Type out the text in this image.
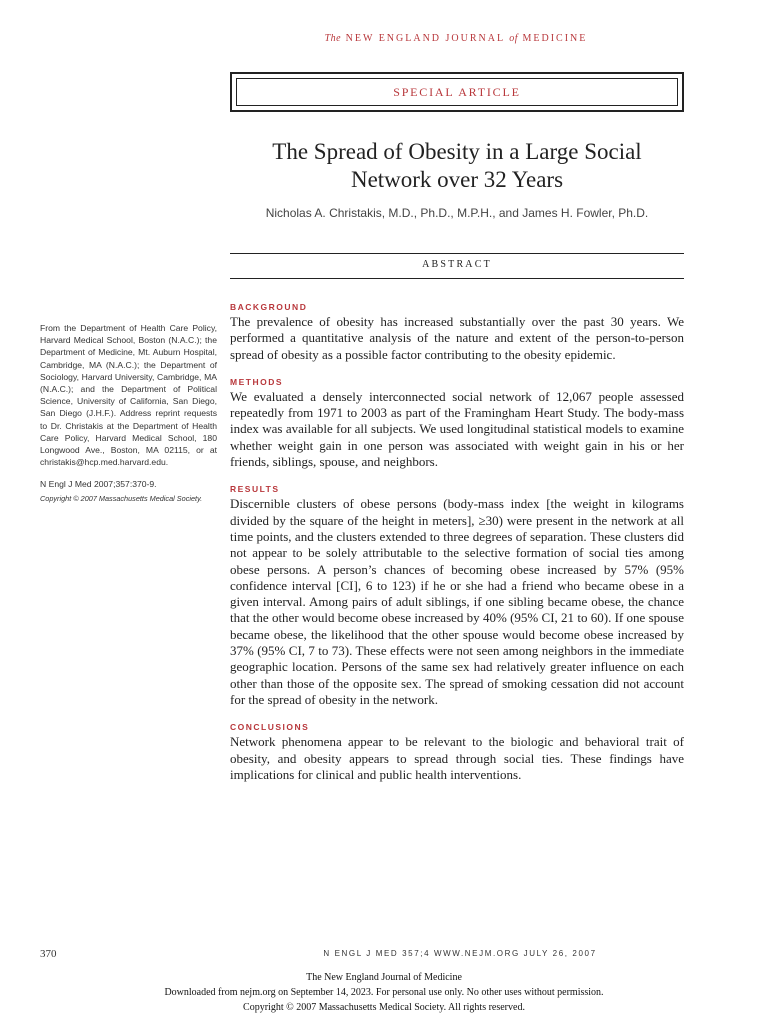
The NEW ENGLAND JOURNAL of MEDICINE
SPECIAL ARTICLE
The Spread of Obesity in a Large Social Network over 32 Years
Nicholas A. Christakis, M.D., Ph.D., M.P.H., and James H. Fowler, Ph.D.
ABSTRACT
From the Department of Health Care Policy, Harvard Medical School, Boston (N.A.C.); the Department of Medicine, Mt. Auburn Hospital, Cambridge, MA (N.A.C.); the Department of Sociology, Harvard University, Cambridge, MA (N.A.C.); and the Department of Political Science, University of California, San Diego, San Diego (J.H.F.). Address reprint requests to Dr. Christakis at the Department of Health Care Policy, Harvard Medical School, 180 Longwood Ave., Boston, MA 02115, or at christakis@hcp.med.harvard.edu.
N Engl J Med 2007;357:370-9.
Copyright © 2007 Massachusetts Medical Society.
BACKGROUND

The prevalence of obesity has increased substantially over the past 30 years. We performed a quantitative analysis of the nature and extent of the person-to-person spread of obesity as a possible factor contributing to the obesity epidemic.

METHODS

We evaluated a densely interconnected social network of 12,067 people assessed repeatedly from 1971 to 2003 as part of the Framingham Heart Study. The body-mass index was available for all subjects. We used longitudinal statistical models to examine whether weight gain in one person was associated with weight gain in his or her friends, siblings, spouse, and neighbors.

RESULTS

Discernible clusters of obese persons (body-mass index [the weight in kilograms divided by the square of the height in meters], ≥30) were present in the network at all time points, and the clusters extended to three degrees of separation. These clusters did not appear to be solely attributable to the selective formation of social ties among obese persons. A person’s chances of becoming obese increased by 57% (95% confidence interval [CI], 6 to 123) if he or she had a friend who became obese in a given interval. Among pairs of adult siblings, if one sibling became obese, the chance that the other would become obese increased by 40% (95% CI, 21 to 60). If one spouse became obese, the likelihood that the other spouse would become obese increased by 37% (95% CI, 7 to 73). These effects were not seen among neighbors in the immediate geographic location. Persons of the same sex had relatively greater influence on each other than those of the opposite sex. The spread of smoking cessation did not account for the spread of obesity in the network.

CONCLUSIONS

Network phenomena appear to be relevant to the biologic and behavioral trait of obesity, and obesity appears to spread through social ties. These findings have implications for clinical and public health interventions.

370	N ENGL J MED 357;4 WWW.NEJM.ORG JULY 26, 2007
The New England Journal of Medicine
Downloaded from nejm.org on September 14, 2023. For personal use only. No other uses without permission.
Copyright © 2007 Massachusetts Medical Society. All rights reserved.
